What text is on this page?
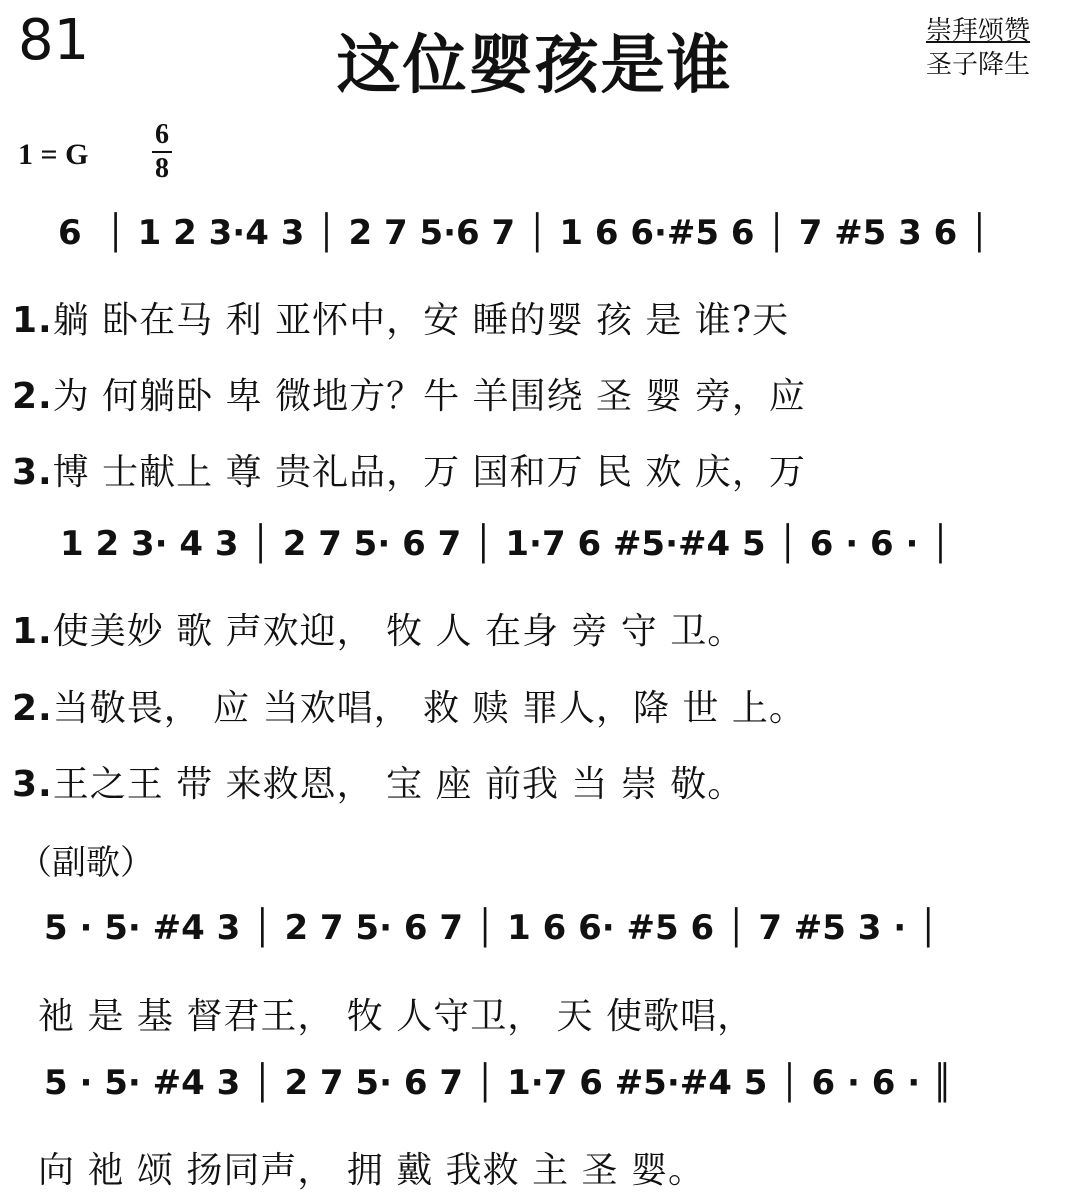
81	这位婴孩是谁	崇拜颂赞
圣子降生
1 = G
6
8
6  │ 1 2 3·4 3 │ 2 7 5·6 7 │ 1 6 6·#5 6 │ 7 #5 3 6 │
1.躺 卧在马 利 亚怀中，安 睡的婴 孩 是 谁?天
2.为 何躺卧 卑 微地方？牛 羊围绕 圣 婴 旁，应
3.博 士献上 尊 贵礼品，万 国和万 民 欢 庆，万
1 2 3· 4 3 │ 2 7 5· 6 7 │ 1·7 6 #5·#4 5 │ 6 · 6 · │
1.使美妙 歌 声欢迎， 牧 人 在身 旁 守 卫。
2.当敬畏， 应 当欢唱， 救 赎 罪人，降 世 上。
3.王之王 带 来救恩， 宝 座 前我 当 崇 敬。
（副歌）
5 · 5· #4 3 │ 2 7 5· 6 7 │ 1 6 6· #5 6 │ 7 #5 3 · │
祂 是 基 督君王， 牧 人守卫， 天 使歌唱，
5 · 5· #4 3 │ 2 7 5· 6 7 │ 1·7 6 #5·#4 5 │ 6 · 6 · ║
向 祂 颂 扬同声， 拥 戴 我救 主 圣 婴。
